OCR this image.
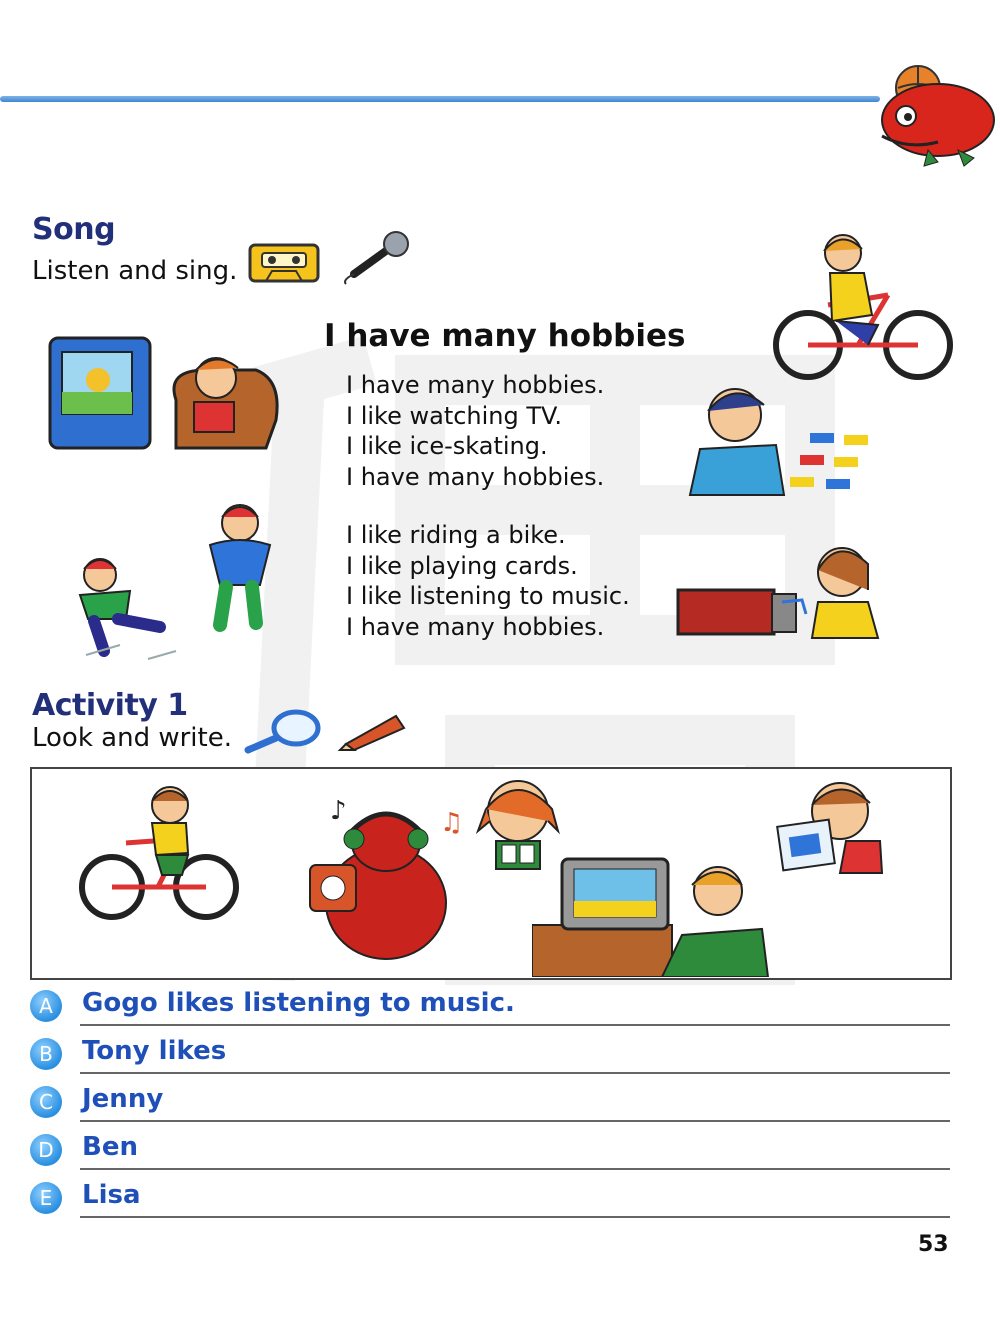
Song
Listen and sing.
I have many hobbies
I have many hobbies.
I like watching TV.
I like ice-skating.
I have many hobbies.
I like riding a bike.
I like playing cards.
I like listening to music.
I have many hobbies.
Activity 1
Look and write.
♪	♫
A	Gogo likes listening to music.
B	Tony likes
C	Jenny
D	Ben
E	Lisa
53
